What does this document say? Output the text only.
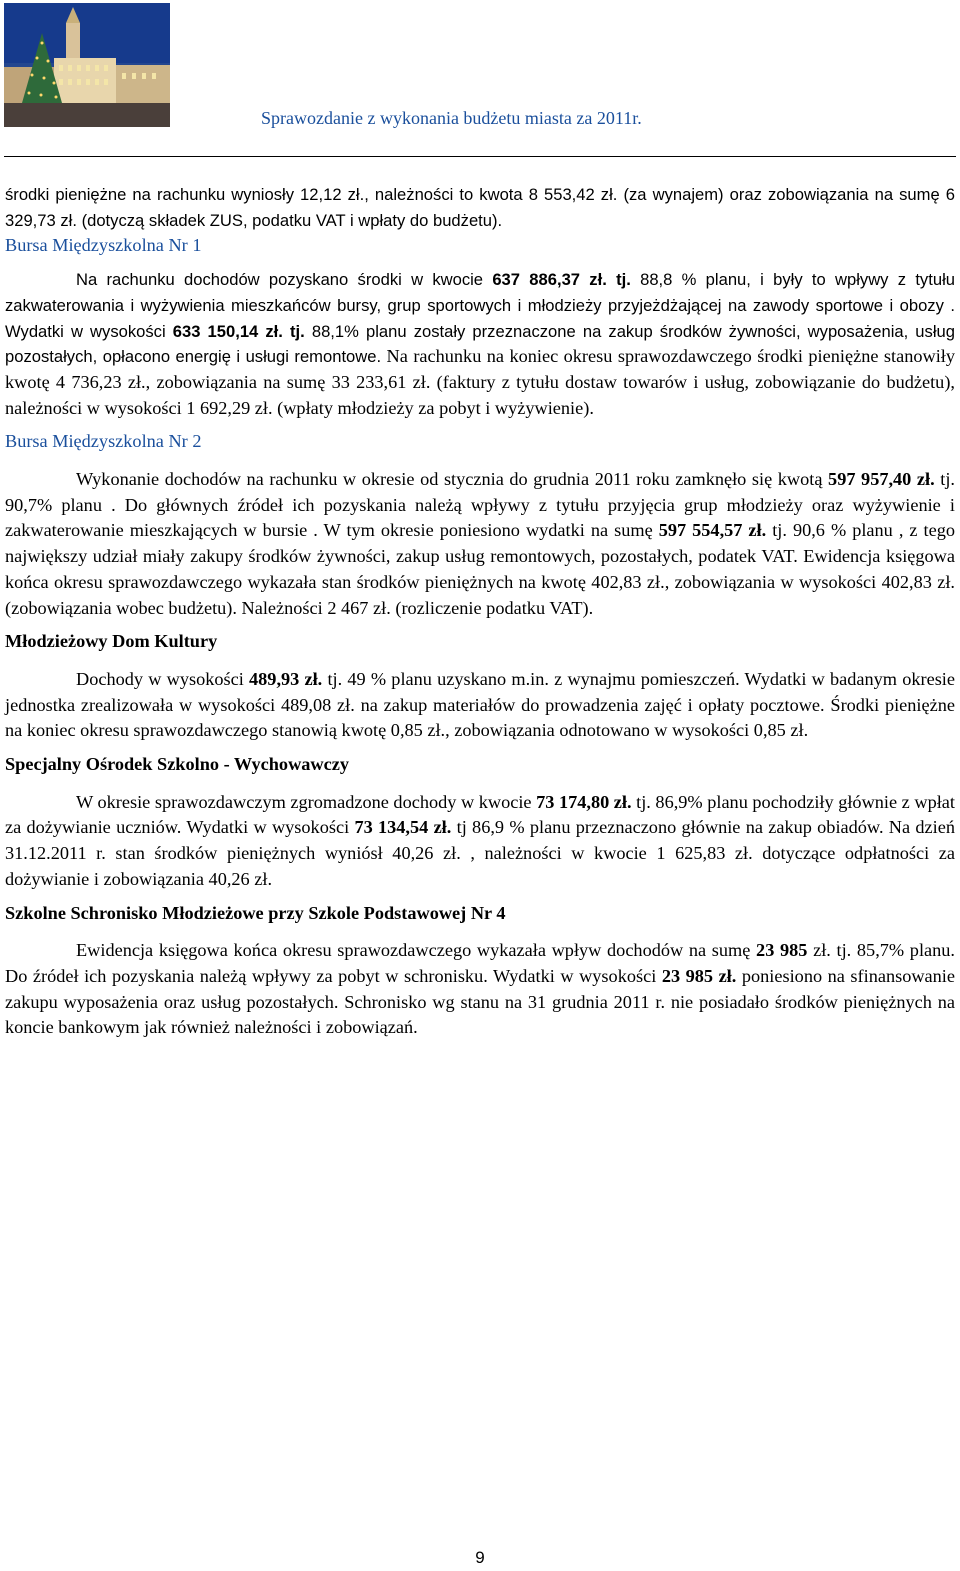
Sprawozdanie z wykonania budżetu miasta za 2011r.

środki pieniężne na rachunku wyniosły 12,12 zł., należności to kwota 8 553,42 zł. (za wynajem) oraz zobowiązania na sumę 6 329,73 zł. (dotyczą składek ZUS, podatku VAT i wpłaty do budżetu).

Bursa Międzyszkolna Nr 1

Na rachunku dochodów pozyskano środki w kwocie 637 886,37 zł. tj. 88,8 % planu, i były to wpływy z tytułu zakwaterowania i wyżywienia mieszkańców bursy, grup sportowych i młodzieży przyjeżdżającej na zawody sportowe i obozy . Wydatki w wysokości 633 150,14 zł. tj. 88,1% planu zostały przeznaczone na zakup środków żywności, wyposażenia, usług pozostałych, opłacono energię i usługi remontowe. Na rachunku na koniec okresu sprawozdawczego środki pieniężne stanowiły kwotę 4 736,23 zł., zobowiązania na sumę 33 233,61 zł. (faktury z tytułu dostaw towarów i usług, zobowiązanie do budżetu), należności w wysokości 1 692,29 zł. (wpłaty młodzieży za pobyt i wyżywienie).

Bursa Międzyszkolna Nr 2

Wykonanie dochodów na rachunku w okresie od stycznia do grudnia 2011 roku zamknęło się kwotą 597 957,40 zł. tj. 90,7% planu . Do głównych źródeł ich pozyskania należą wpływy z tytułu przyjęcia grup młodzieży oraz wyżywienie i zakwaterowanie mieszkających w bursie . W tym okresie poniesiono wydatki na sumę 597 554,57 zł. tj. 90,6 % planu , z tego największy udział miały zakupy środków żywności, zakup usług remontowych, pozostałych, podatek VAT. Ewidencja księgowa końca okresu sprawozdawczego wykazała stan środków pieniężnych na kwotę 402,83 zł., zobowiązania w wysokości 402,83 zł. (zobowiązania wobec budżetu). Należności 2 467 zł. (rozliczenie podatku VAT).

Młodzieżowy Dom Kultury

Dochody w wysokości 489,93 zł. tj. 49 % planu uzyskano m.in. z wynajmu pomieszczeń. Wydatki w badanym okresie jednostka zrealizowała w wysokości 489,08 zł. na zakup materiałów do prowadzenia zajęć i opłaty pocztowe. Środki pieniężne na koniec okresu sprawozdawczego stanowią kwotę 0,85 zł., zobowiązania odnotowano w wysokości 0,85 zł.

Specjalny Ośrodek Szkolno - Wychowawczy

W okresie sprawozdawczym zgromadzone dochody w kwocie 73 174,80 zł. tj. 86,9% planu pochodziły głównie z wpłat za dożywianie uczniów. Wydatki w wysokości 73 134,54 zł. tj 86,9 % planu przeznaczono głównie na zakup obiadów. Na dzień 31.12.2011 r. stan środków pieniężnych wyniósł 40,26 zł. , należności w kwocie 1 625,83 zł. dotyczące odpłatności za dożywianie i zobowiązania 40,26 zł.

Szkolne Schronisko Młodzieżowe przy Szkole Podstawowej Nr 4

Ewidencja księgowa końca okresu sprawozdawczego wykazała wpływ dochodów na sumę 23 985 zł. tj. 85,7% planu. Do źródeł ich pozyskania należą wpływy za pobyt w schronisku. Wydatki w wysokości 23 985 zł. poniesiono na sfinansowanie zakupu wyposażenia oraz usług pozostałych. Schronisko wg stanu na 31 grudnia 2011 r. nie posiadało środków pieniężnych na koncie bankowym jak również należności i zobowiązań.

9
